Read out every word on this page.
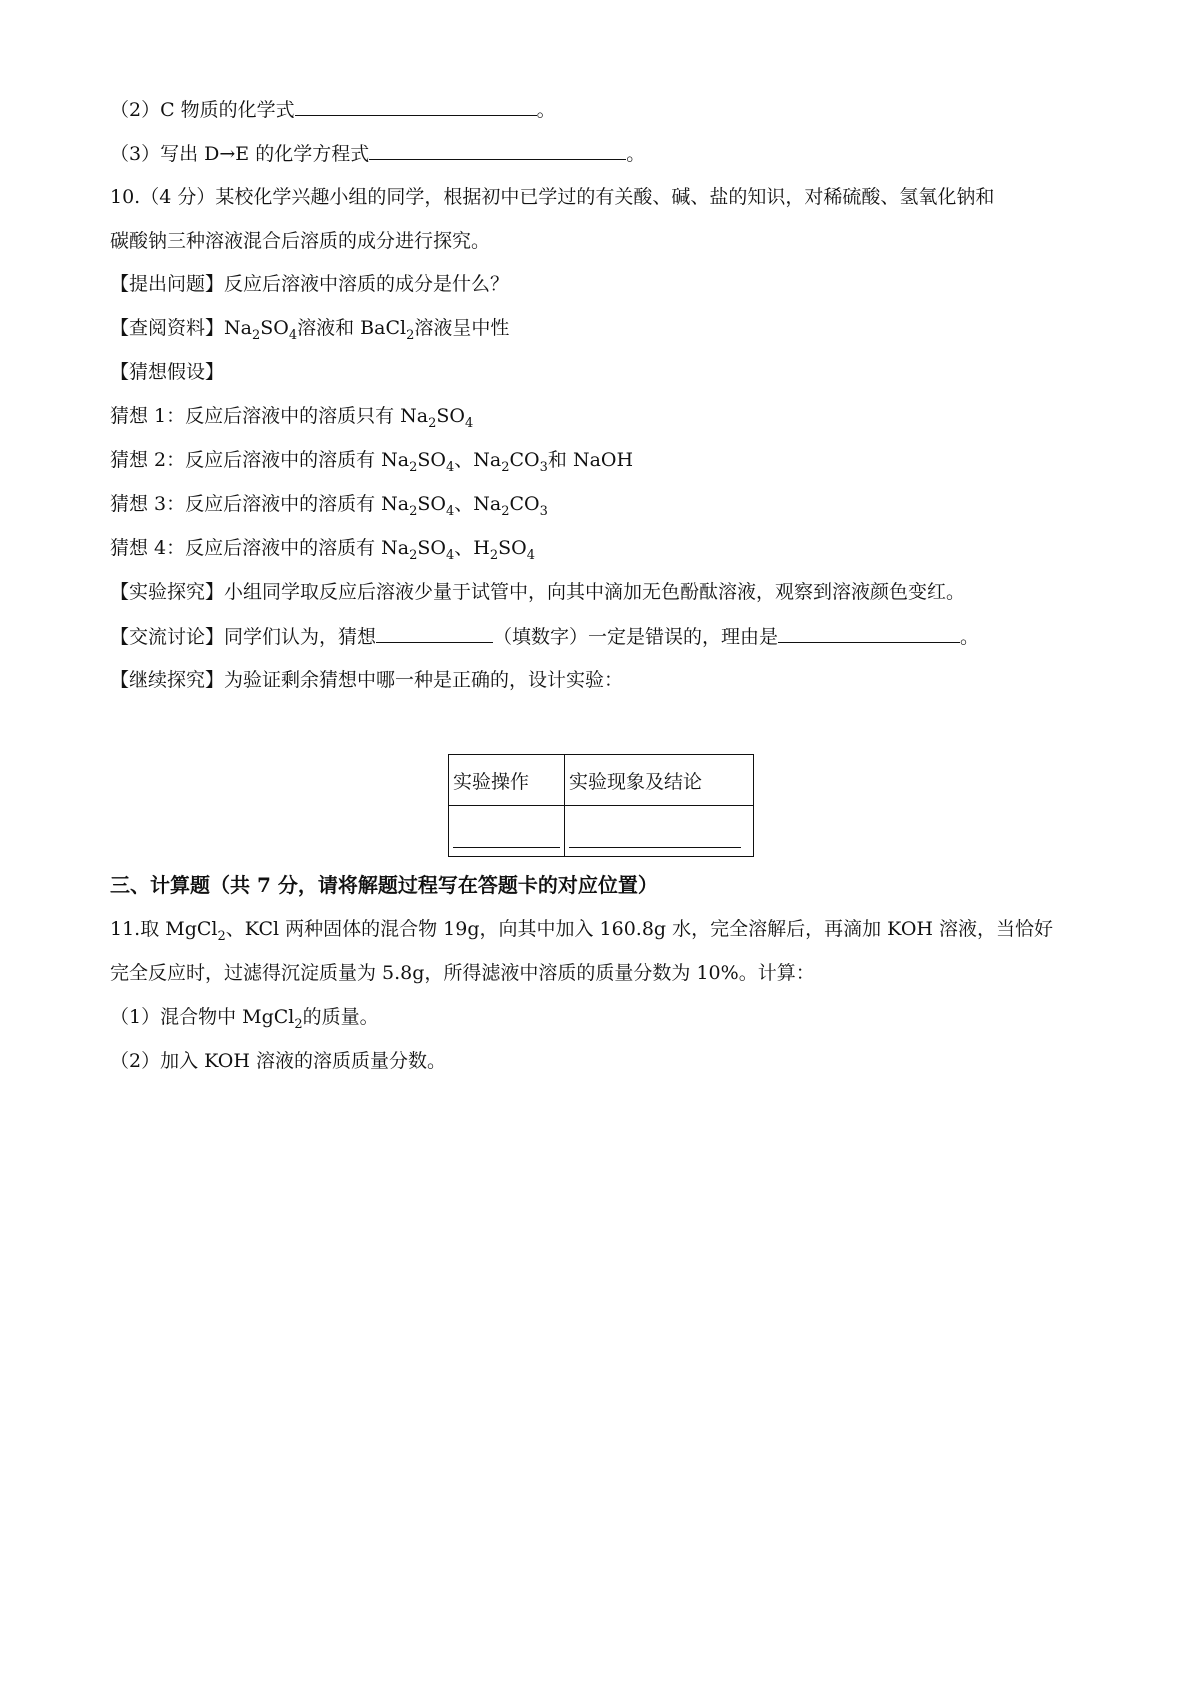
（2）C 物质的化学式	。
（3）写出 D→E 的化学方程式	。
10.（4 分）某校化学兴趣小组的同学，根据初中已学过的有关酸、碱、盐的知识，对稀硫酸、氢氧化钠和
碳酸钠三种溶液混合后溶质的成分进行探究。
【提出问题】反应后溶液中溶质的成分是什么？
【查阅资料】$Na_2SO_4$溶液和 BaCl$_2$溶液呈中性
【猜想假设】
猜想 1：反应后溶液中的溶质只有 $Na_2SO_4$
猜想 2：反应后溶液中的溶质有 $Na_2SO_4$、$Na_2CO_3$和 NaOH
猜想 3：反应后溶液中的溶质有 $Na_2SO_4$、$Na_2CO_3$
猜想 4：反应后溶液中的溶质有 $Na_2SO_4$、$H_2SO_4$
【实验探究】小组同学取反应后溶液少量于试管中，向其中滴加无色酚酞溶液，观察到溶液颜色变红。
【交流讨论】同学们认为，猜想	（填数字）一定是错误的，理由是	。
【继续探究】为验证剩余猜想中哪一种是正确的，设计实验：
实验操作	实验现象及结论

三、计算题（共 7 分，请将解题过程写在答题卡的对应位置）
11.取 MgCl$_2$、KCl 两种固体的混合物 19g，向其中加入 160.8g 水，完全溶解后，再滴加 KOH 溶液，当恰好
完全反应时，过滤得沉淀质量为 5.8g，所得滤液中溶质的质量分数为 10%。计算：
（1）混合物中 MgCl$_2$的质量。
（2）加入 KOH 溶液的溶质质量分数。
